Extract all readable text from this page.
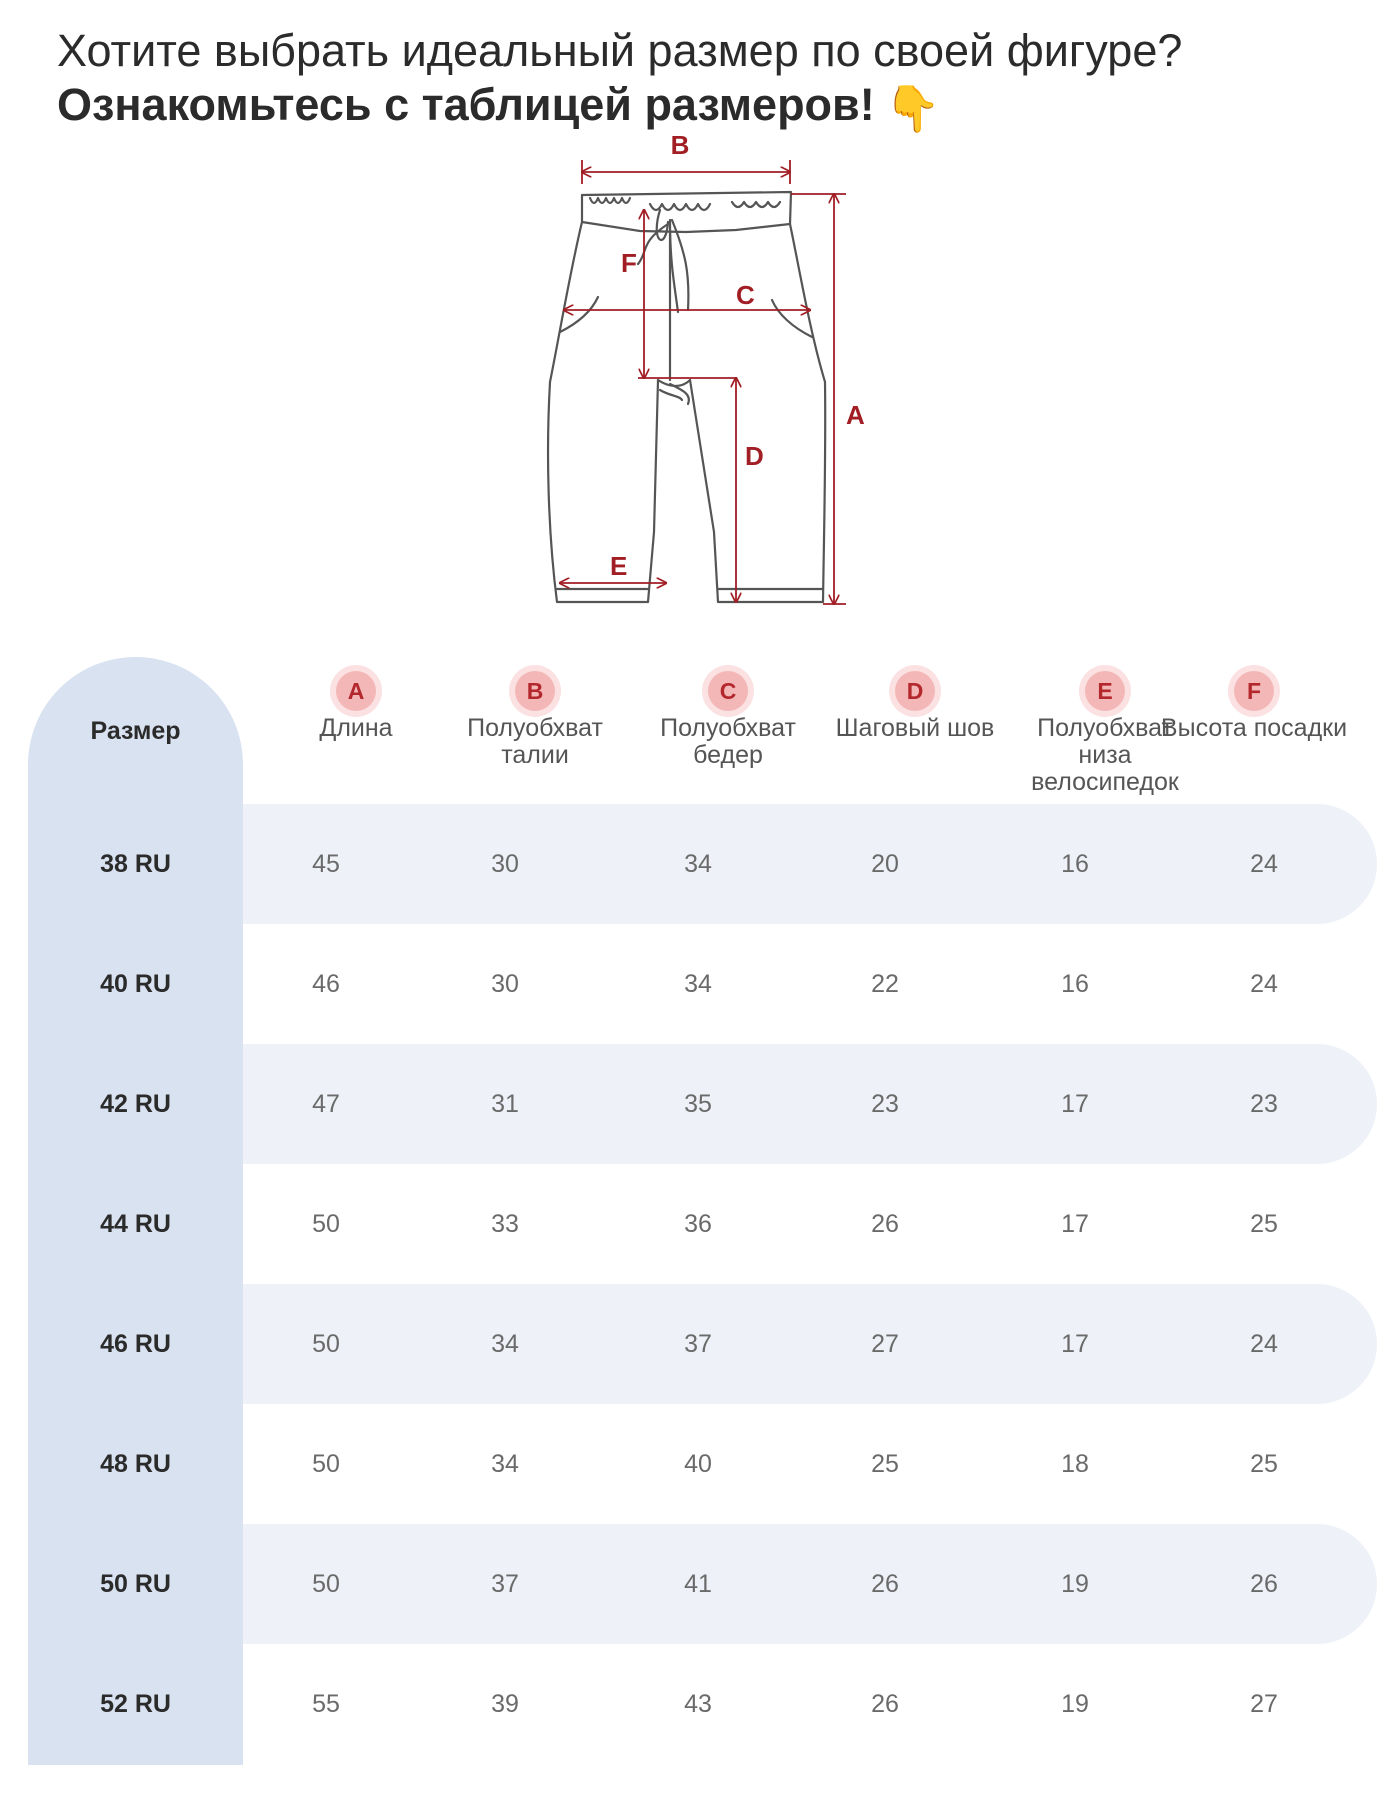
Хотите выбрать идеальный размер по своей фигуре?
Ознакомьтесь с таблицей размеров! 👇
B
A
C
F
D
E
Размер
A
Длина
B
Полуобхват талии
C
Полуобхват бедер
D
Шаговый шов
E
Полуобхват низа велосипедок
F
Высота посадки
38 RU	45	30	34	20	16	24
40 RU	46	30	34	22	16	24
42 RU	47	31	35	23	17	23
44 RU	50	33	36	26	17	25
46 RU	50	34	37	27	17	24
48 RU	50	34	40	25	18	25
50 RU	50	37	41	26	19	26
52 RU	55	39	43	26	19	27
